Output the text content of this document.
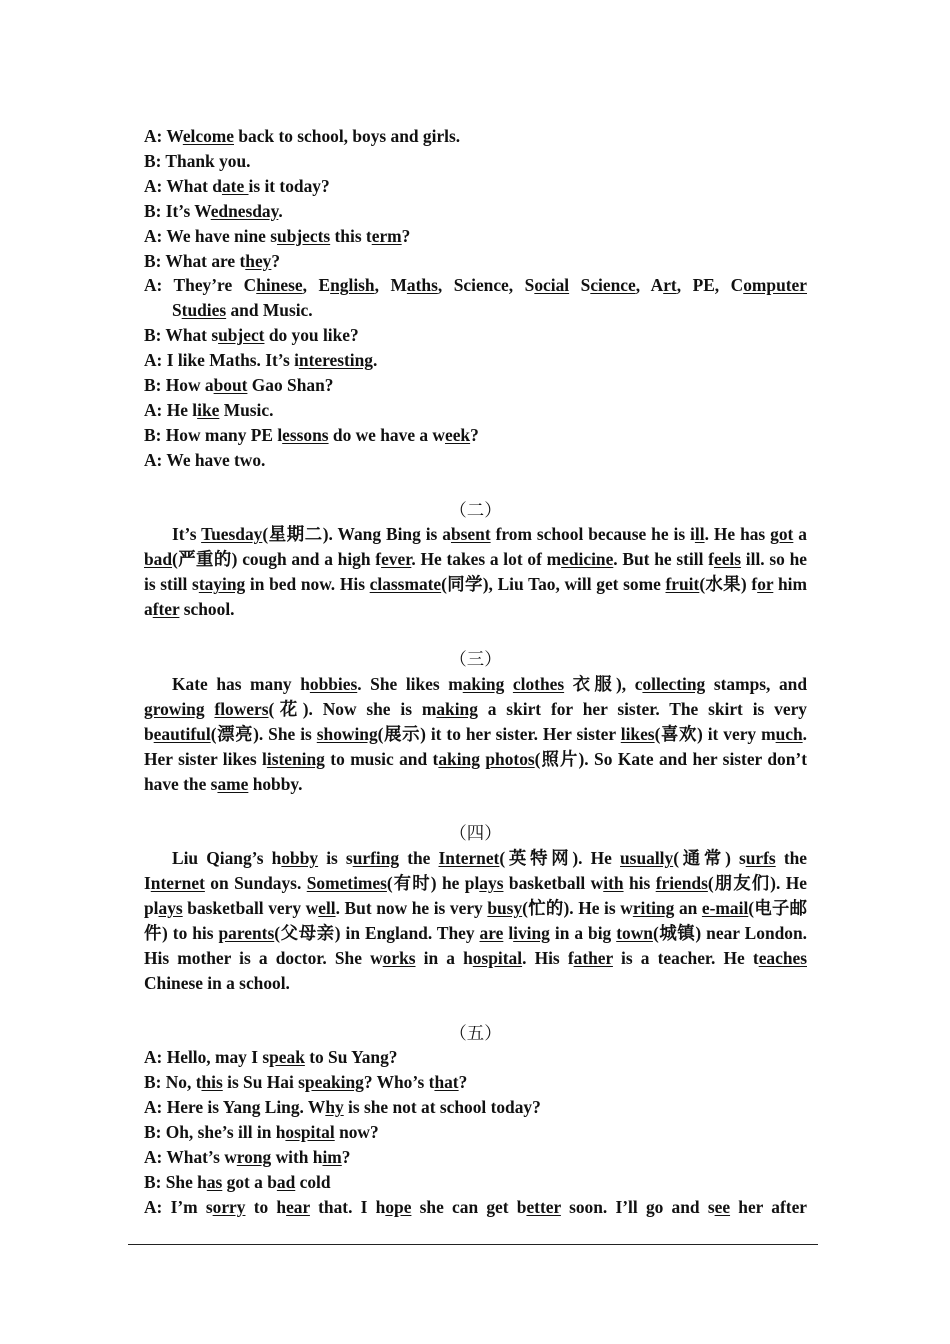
A: Welcome back to school, boys and girls.
B: Thank you.
A: What date is it today?
B: It’s Wednesday.
A: We have nine subjects this term?
B: What are they?
A: They’re Chinese, English, Maths, Science, Social Science, Art, PE, Computer
Studies and Music.
B: What subject do you like?
A: I like Maths. It’s interesting.
B: How about Gao Shan?
A: He like Music.
B: How many PE lessons do we have a week?
A: We have two.
（二）

It’s Tuesday(星期二). Wang Bing is absent from school because he is ill. He has got a bad(严重的) cough and a high fever. He takes a lot of medicine. But he still feels ill. so he is still staying in bed now. His classmate(同学), Liu Tao, will get some fruit(水果) for him after school.

（三）

Kate has many hobbies. She likes making clothes 衣服), collecting stamps, and growing flowers(花). Now she is making a skirt for her sister. The skirt is very beautiful(漂亮). She is showing(展示) it to her sister. Her sister likes(喜欢) it very much. Her sister likes listening to music and taking photos(照片). So Kate and her sister don’t have the same hobby.

（四）

Liu Qiang’s hobby is surfing the Internet(英特网). He usually(通常) surfs the Internet on Sundays. Sometimes(有时) he plays basketball with his friends(朋友们). He plays basketball very well. But now he is very busy(忙的). He is writing an e-mail(电子邮件) to his parents(父母亲) in England. They are living in a big town(城镇) near London. His mother is a doctor. She works in a hospital. His father is a teacher. He teaches Chinese in a school.

（五）
A: Hello, may I speak to Su Yang?
B: No, this is Su Hai speaking? Who’s that?
A: Here is Yang Ling. Why is she not at school today?
B: Oh, she’s ill in hospital now?
A: What’s wrong with him?
B: She has got a bad cold
A: I’m sorry to hear that. I hope she can get better soon. I’ll go and see her after
